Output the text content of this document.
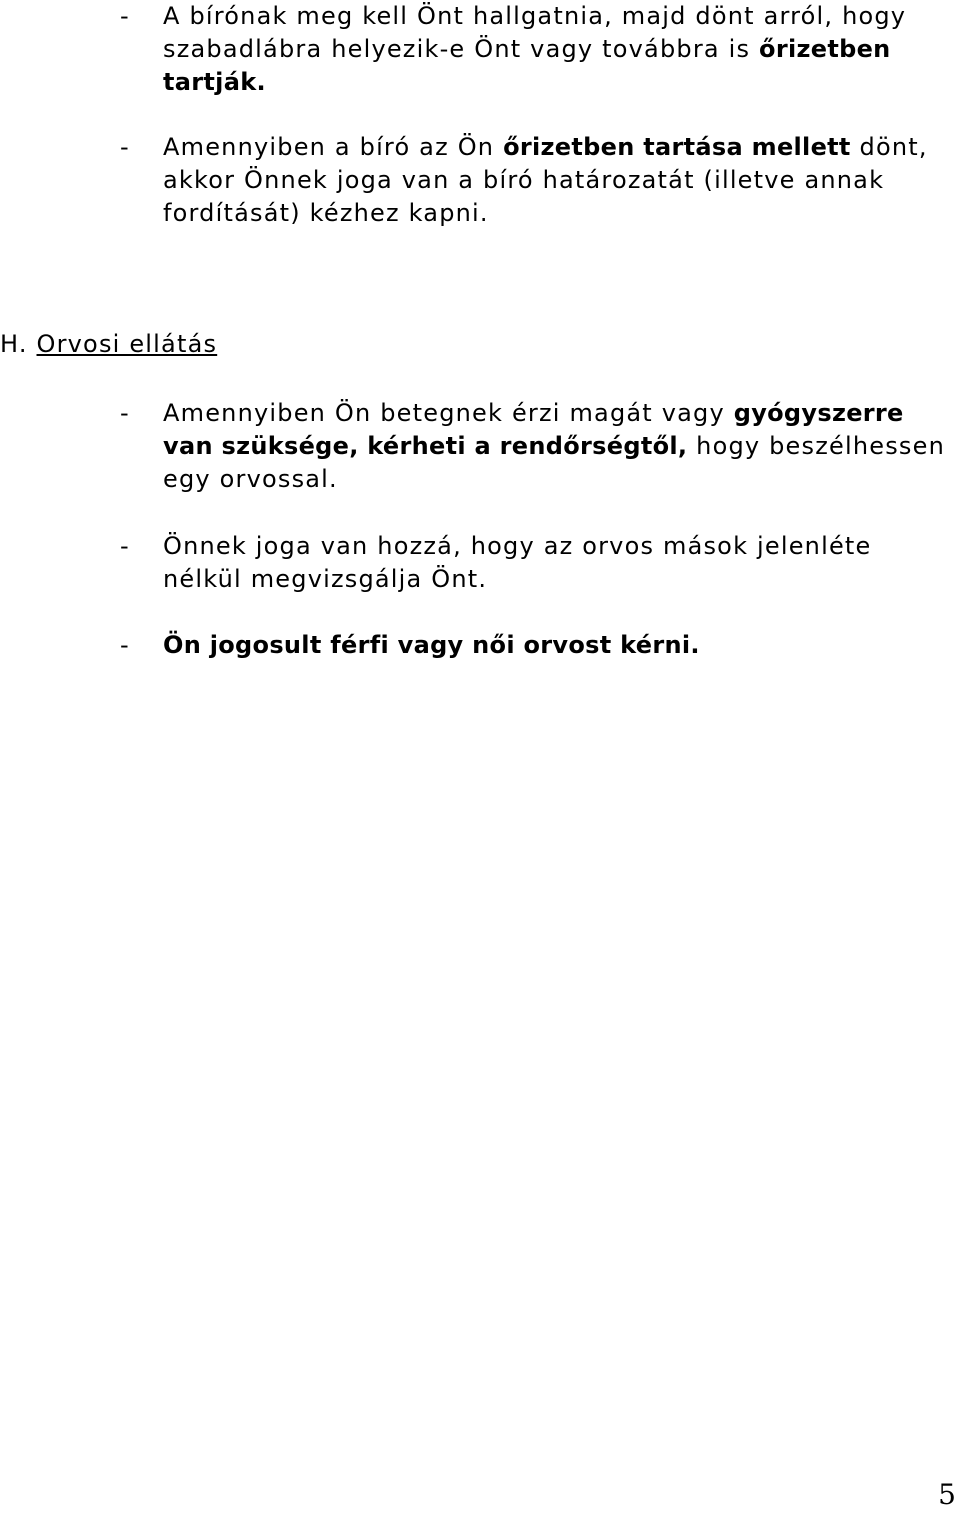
- A bírónak meg kell Önt hallgatnia, majd dönt arról, hogy szabadlábra helyezik-e Önt vagy továbbra is őrizetben tartják.
- Amennyiben a bíró az Ön őrizetben tartása mellett dönt, akkor Önnek joga van a bíró határozatát (illetve annak fordítását) kézhez kapni.
H. Orvosi ellátás
- Amennyiben Ön betegnek érzi magát vagy gyógyszerre van szüksége, kérheti a rendőrségtől, hogy beszélhessen egy orvossal.
- Önnek joga van hozzá, hogy az orvos mások jelenléte nélkül megvizsgálja Önt.
- Ön jogosult férfi vagy női orvost kérni.
5
